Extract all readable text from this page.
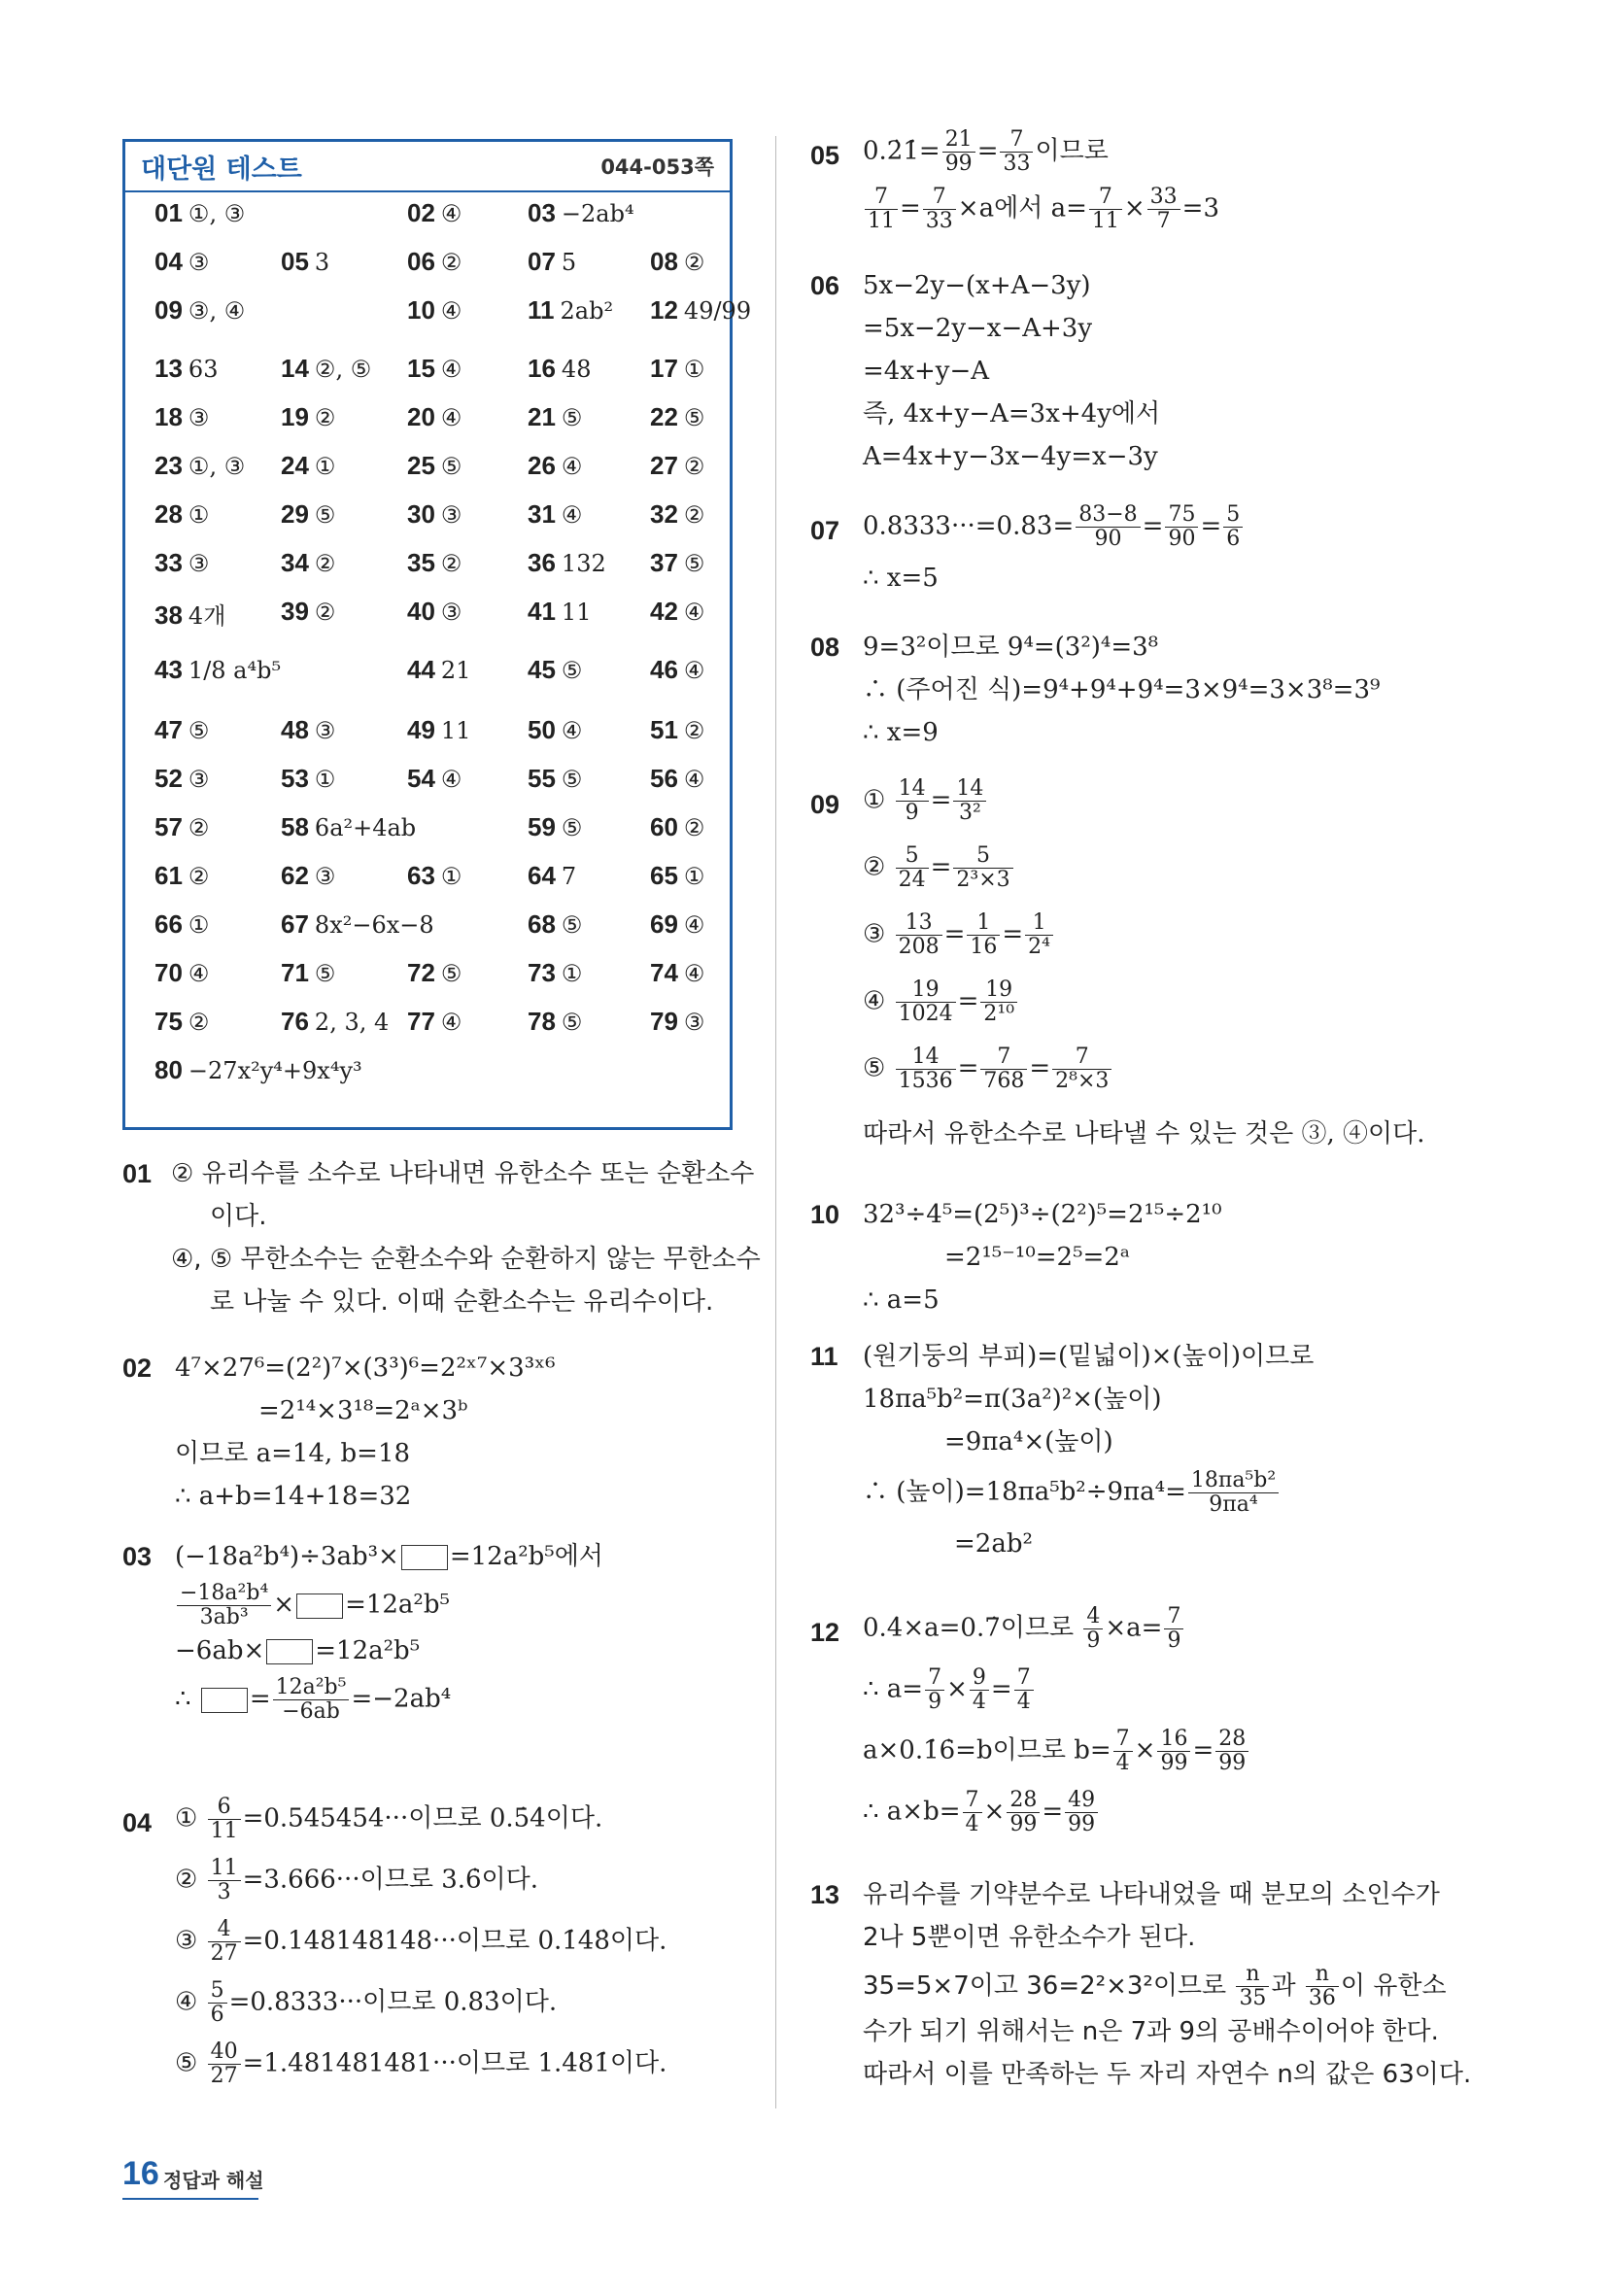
대단원 테스트	044-053쪽
01 ①, ③	02 ④	03 −2ab⁴
04 ③	05 3	06 ②	07 5	08 ②
09 ③, ④	10 ④	11 2ab² 12 49/99
13 63 14 ②, ⑤ 15 ④	16 48 17 ①
18 ③	19 ②	20 ④	21 ⑤	22 ⑤
23 ①, ③ 24 ①	25 ⑤	26 ④	27 ②
28 ①	29 ⑤	30 ③	31 ④	32 ②
33 ③	34 ②	35 ②	36 132 37 ⑤
38 4개 39 ②	40 ③	41 11 42 ④
43 1/8 a⁴b⁵	44 21 45 ⑤	46 ④
47 ⑤	48 ③	49 11 50 ④	51 ②
52 ③	53 ①	54 ④	55 ⑤	56 ④
57 ②	58 6a²+4ab	59 ⑤	60 ②
61 ②	62 ③	63 ①	64 7	65 ①
66 ①	67 8x²−6x−8	68 ⑤	69 ④
70 ④	71 ⑤	72 ⑤	73 ①	74 ④
75 ②	76 2, 3, 4 77 ④	78 ⑤	79 ③
80 −27x²y⁴+9x⁴y³
01 ② 유리수를 소수로 나타내면 유한소수 또는 순환소수
이다.
④, ⑤ 무한소수는 순환소수와 순환하지 않는 무한소수
로 나눌 수 있다. 이때 순환소수는 유리수이다.
02 4⁷×27⁶=(2²)⁷×(3³)⁶=2²ˣ⁷×3³ˣ⁶
=2¹⁴×3¹⁸=2ᵃ×3ᵇ
이므로 a=14, b=18
∴ a+b=14+18=32
03 (−18a²b⁴)÷3ab³× =12a²b⁵에서
$\frac{\text{−18a²b⁴}}{\text{3ab³}} \times =12a^2b^5$
−6ab× =12a²b⁵
∴ = $\frac{\text{12a²b⁵}}{-6ab} =-2ab^4$
04 ① $\frac{6}{11} =0.545454\cdot\cdot\cdot$이므로 0.5̇4̇이다.
② $\frac{11}{3} =3.666\cdot\cdot\cdot$이므로 3.6̇이다.
③ $\frac{4}{27} =0.148148148\cdot\cdot\cdot$이므로 0.1̇48̇이다.
④ $\frac{5}{6} =0.8333\cdot\cdot\cdot$이므로 0.83̇이다.
⑤ $\frac{40}{27} =1.481481481\cdot\cdot\cdot$이므로 1.4̇81̇이다.
05 0.2̇1̇= $\frac{21}{99} = \frac{7}{33}$ 이므로
$\frac{7}{11} = \frac{7}{33} \times a$에서 $a= \frac{7}{11} \times \frac{33}{7} =3$
06 5x−2y−(x+A−3y)
=5x−2y−x−A+3y
=4x+y−A
즉, 4x+y−A=3x+4y에서
A=4x+y−3x−4y=x−3y
07 0.8333···=0.83̇= $\frac{83-8}{90} = \frac{75}{90} = \frac{5}{6}$
∴ x=5
08 9=3²이므로 9⁴=(3²)⁴=3⁸
∴ (주어진 식)=9⁴+9⁴+9⁴=3×9⁴=3×3⁸=3⁹
∴ x=9
09 ① $\frac{14}{9} = \frac{14}{\text{3²}}$
② $\frac{5}{24} = \frac{5}{\text{2³×3}}$
③ $\frac{13}{208} = \frac{1}{16} = \frac{1}{\text{2⁴}}$
④ $\frac{19}{1024} = \frac{19}{\text{2¹⁰}}$
⑤ $\frac{14}{1536} = \frac{7}{768} = \frac{7}{\text{2⁸×3}}$
따라서 유한소수로 나타낼 수 있는 것은 ③, ④이다.
10 32³÷4⁵=(2⁵)³÷(2²)⁵=2¹⁵÷2¹⁰
=2¹⁵⁻¹⁰=2⁵=2ᵃ
∴ a=5
11 (원기둥의 부피)=(밑넓이)×(높이)이므로
18πa⁵b²=π(3a²)²×(높이)
=9πa⁴×(높이)
∴ (높이)$=18\pi a^5b^2\div 9\pi a^4= \frac{\text{18πa⁵b²}}{\text{9πa⁴}}$
=2ab²
12 0.4̇×a=0.7̇이므로 $\frac{4}{9} \times a= \frac{7}{9}$
∴ $a= \frac{7}{9} \times \frac{9}{4} = \frac{7}{4}$
a×0.1̇6̇=b이므로 $b= \frac{7}{4} \times \frac{16}{99} = \frac{28}{99}$
∴ $a\times b= \frac{7}{4} \times \frac{28}{99} = \frac{49}{99}$
13 유리수를 기약분수로 나타내었을 때 분모의 소인수가
2나 5뿐이면 유한소수가 된다.
35=5×7이고 36=2²×3²이므로 $\frac{n}{35}$ 과 $\frac{n}{36}$ 이 유한소
수가 되기 위해서는 n은 7과 9의 공배수이어야 한다.
따라서 이를 만족하는 두 자리 자연수 n의 값은 63이다.
16 정답과 해설
